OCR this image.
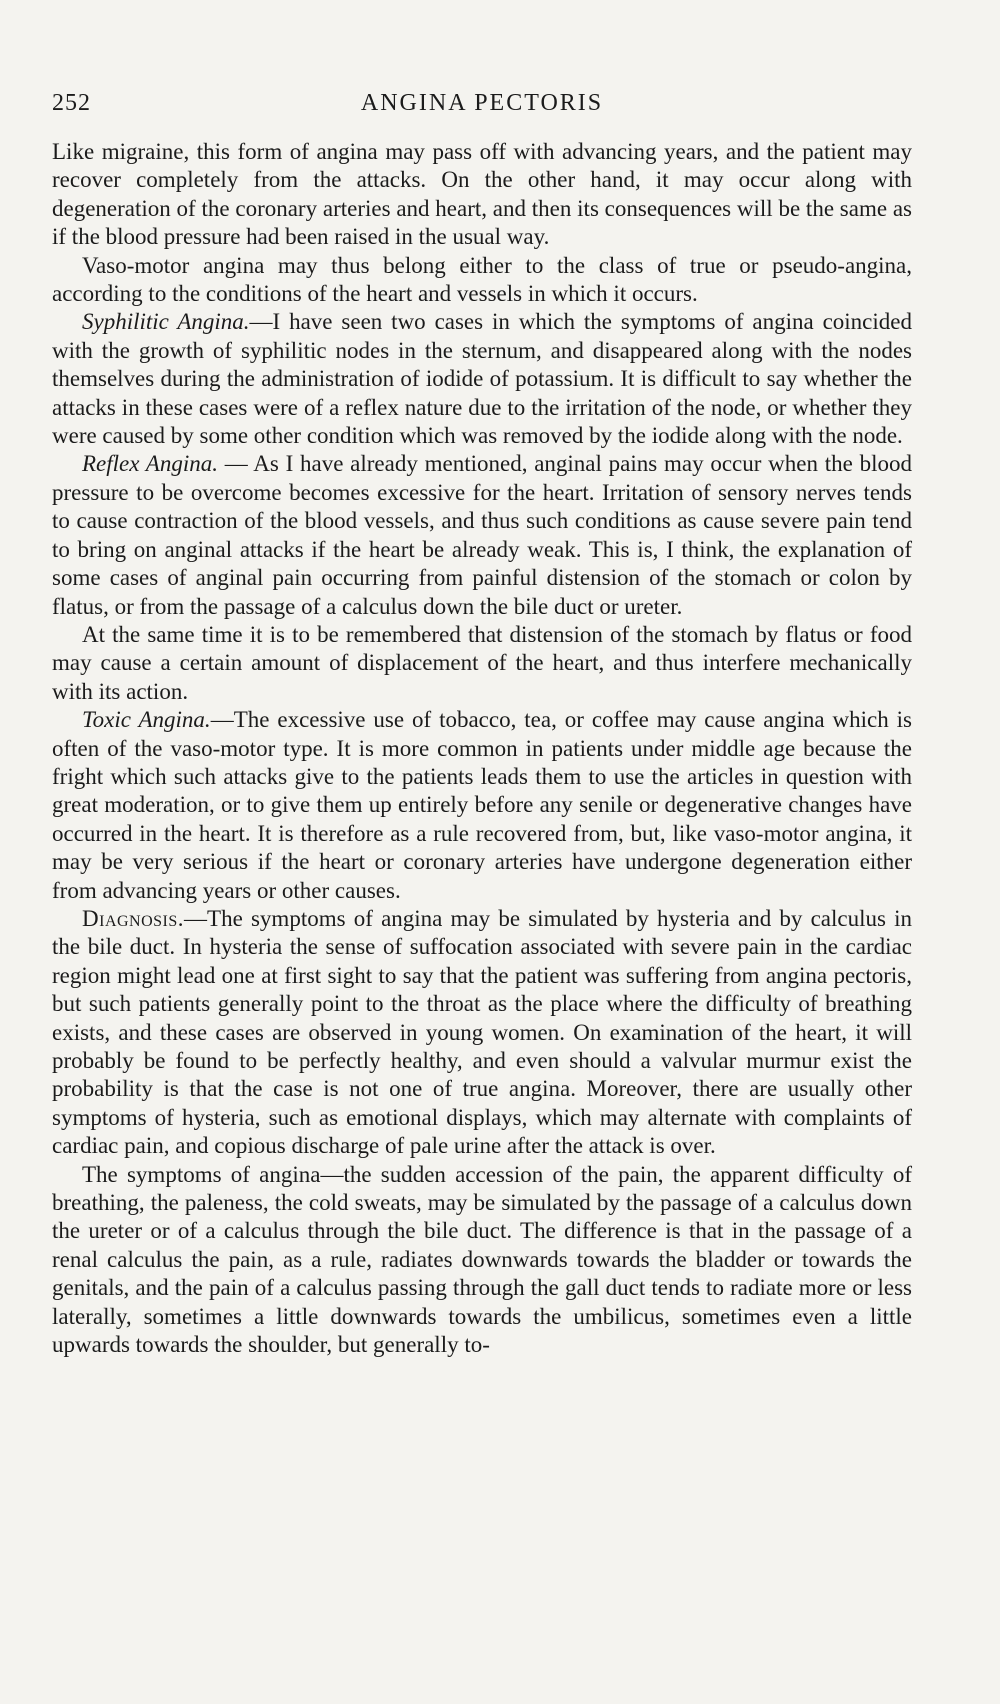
252	ANGINA PECTORIS

Like migraine, this form of angina may pass off with advancing years, and the patient may recover completely from the attacks. On the other hand, it may occur along with degeneration of the coronary arteries and heart, and then its consequences will be the same as if the blood pressure had been raised in the usual way.

Vaso-motor angina may thus belong either to the class of true or pseudo-angina, according to the conditions of the heart and vessels in which it occurs.

Syphilitic Angina.—I have seen two cases in which the symptoms of angina coincided with the growth of syphilitic nodes in the sternum, and disappeared along with the nodes themselves during the administration of iodide of potassium. It is difficult to say whether the attacks in these cases were of a reflex nature due to the irritation of the node, or whether they were caused by some other condition which was removed by the iodide along with the node.

Reflex Angina. — As I have already mentioned, anginal pains may occur when the blood pressure to be overcome becomes excessive for the heart. Irritation of sensory nerves tends to cause contraction of the blood vessels, and thus such conditions as cause severe pain tend to bring on anginal attacks if the heart be already weak. This is, I think, the explanation of some cases of anginal pain occurring from painful distension of the stomach or colon by flatus, or from the passage of a calculus down the bile duct or ureter.

At the same time it is to be remembered that distension of the stomach by flatus or food may cause a certain amount of displacement of the heart, and thus interfere mechanically with its action.

Toxic Angina.—The excessive use of tobacco, tea, or coffee may cause angina which is often of the vaso-motor type. It is more common in patients under middle age because the fright which such attacks give to the patients leads them to use the articles in question with great moderation, or to give them up entirely before any senile or degenerative changes have occurred in the heart. It is therefore as a rule recovered from, but, like vaso-motor angina, it may be very serious if the heart or coronary arteries have undergone degeneration either from advancing years or other causes.

Diagnosis.—The symptoms of angina may be simulated by hysteria and by calculus in the bile duct. In hysteria the sense of suffocation associated with severe pain in the cardiac region might lead one at first sight to say that the patient was suffering from angina pectoris, but such patients generally point to the throat as the place where the difficulty of breathing exists, and these cases are observed in young women. On examination of the heart, it will probably be found to be perfectly healthy, and even should a valvular murmur exist the probability is that the case is not one of true angina. Moreover, there are usually other symptoms of hysteria, such as emotional displays, which may alternate with complaints of cardiac pain, and copious discharge of pale urine after the attack is over.

The symptoms of angina—the sudden accession of the pain, the apparent difficulty of breathing, the paleness, the cold sweats, may be simulated by the passage of a calculus down the ureter or of a calculus through the bile duct. The difference is that in the passage of a renal calculus the pain, as a rule, radiates downwards towards the bladder or towards the genitals, and the pain of a calculus passing through the gall duct tends to radiate more or less laterally, sometimes a little downwards towards the umbilicus, sometimes even a little upwards towards the shoulder, but generally to-
